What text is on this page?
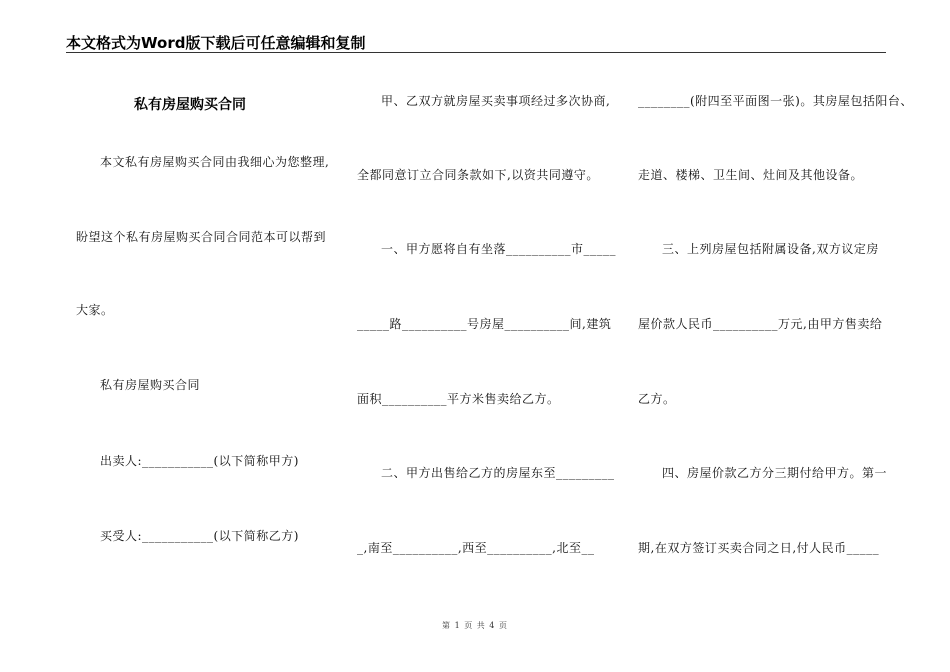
本文格式为Word版下载后可任意编辑和复制
私有房屋购买合同
本文私有房屋购买合同由我细心为您整理,
盼望这个私有房屋购买合同合同范本可以帮到
大家。
私有房屋购买合同
出卖人:___________(以下简称甲方)
买受人:___________(以下简称乙方)
甲、乙双方就房屋买卖事项经过多次协商,
全都同意订立合同条款如下,以资共同遵守。
一、甲方愿将自有坐落__________市_____
_____路__________号房屋__________间,建筑
面积__________平方米售卖给乙方。
二、甲方出售给乙方的房屋东至_________
_,南至__________,西至__________,北至__
________(附四至平面图一张)。其房屋包括阳台、
走道、楼梯、卫生间、灶间及其他设备。
三、上列房屋包括附属设备,双方议定房
屋价款人民币__________万元,由甲方售卖给
乙方。
四、房屋价款乙方分三期付给甲方。第一
期,在双方签订买卖合同之日,付人民币_____
第 1 页 共 4 页
